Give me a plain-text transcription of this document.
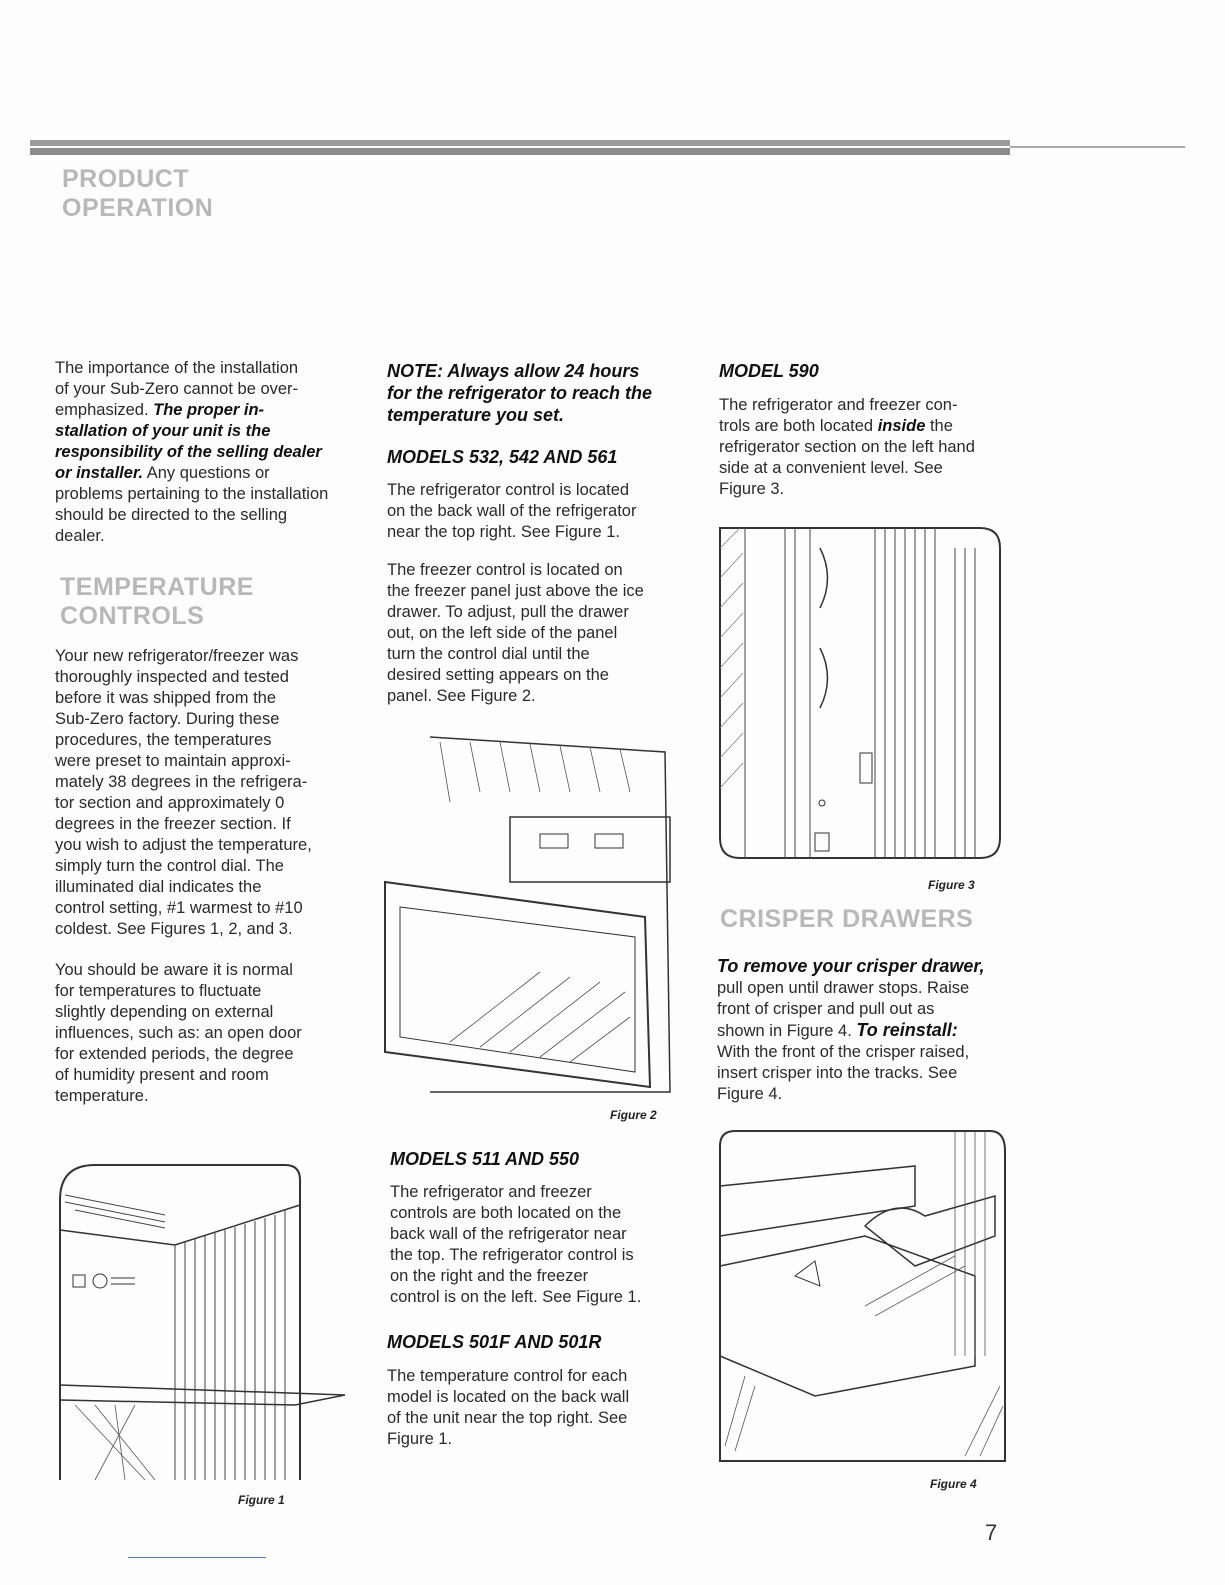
PRODUCT
OPERATION
The importance of the installation
of your Sub-Zero cannot be over-
emphasized. The proper in-
stallation of your unit is the
responsibility of the selling dealer
or installer. Any questions or
problems pertaining to the installation
should be directed to the selling
dealer.
TEMPERATURE
CONTROLS
Your new refrigerator/freezer was
thoroughly inspected and tested
before it was shipped from the
Sub-Zero factory. During these
procedures, the temperatures
were preset to maintain approxi-
mately 38 degrees in the refrigera-
tor section and approximately 0
degrees in the freezer section. If
you wish to adjust the temperature,
simply turn the control dial. The
illuminated dial indicates the
control setting, #1 warmest to #10
coldest. See Figures 1, 2, and 3.
You should be aware it is normal
for temperatures to fluctuate
slightly depending on external
influences, such as: an open door
for extended periods, the degree
of humidity present and room
temperature.
Figure 1
NOTE: Always allow 24 hours
for the refrigerator to reach the
temperature you set.
MODELS 532, 542 AND 561
The refrigerator control is located
on the back wall of the refrigerator
near the top right. See Figure 1.
The freezer control is located on
the freezer panel just above the ice
drawer. To adjust, pull the drawer
out, on the left side of the panel
turn the control dial until the
desired setting appears on the
panel. See Figure 2.
Figure 2
MODELS 511 AND 550
The refrigerator and freezer
controls are both located on the
back wall of the refrigerator near
the top. The refrigerator control is
on the right and the freezer
control is on the left. See Figure 1.
MODELS 501F AND 501R
The temperature control for each
model is located on the back wall
of the unit near the top right. See
Figure 1.
MODEL 590
The refrigerator and freezer con-
trols are both located inside the
refrigerator section on the left hand
side at a convenient level. See
Figure 3.
Figure 3
CRISPER DRAWERS
To remove your crisper drawer,
pull open until drawer stops. Raise
front of crisper and pull out as
shown in Figure 4. To reinstall:
With the front of the crisper raised,
insert crisper into the tracks. See
Figure 4.
Figure 4
7
